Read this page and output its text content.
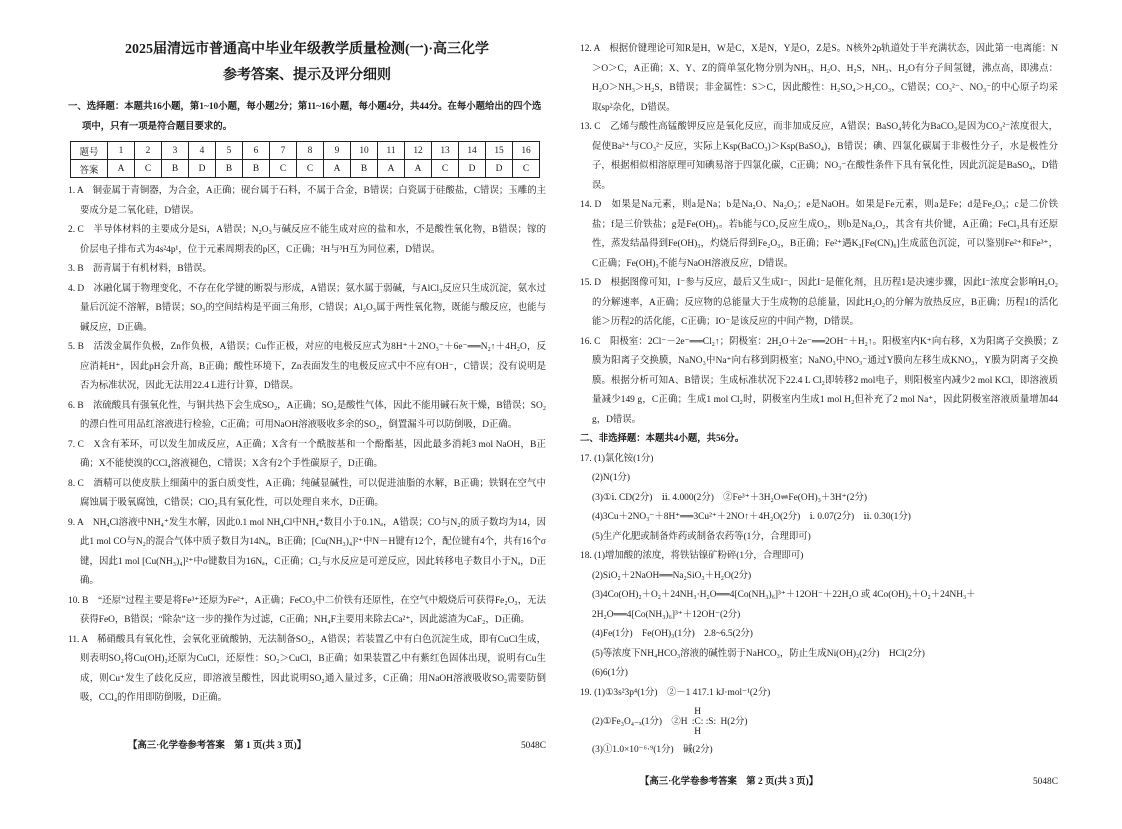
2025届清远市普通高中毕业年级教学质量检测(一)·高三化学
参考答案、提示及评分细则
一、选择题：本题共16小题，第1~10小题，每小题2分；第11~16小题，每小题4分，共44分。在每小题给出的四个选项中，只有一项是符合题目要求的。
题号	1	2	3	4	5	6	7	8	9	10	11	12	13	14	15	16
答案	A	C	B	D	B	B	C	C	A	B	A	A	C	D	D	C

1. A　铜壶属于青铜器，为合金，A正确；砚台属于石料，不属于合金，B错误；白瓷属于硅酸盐，C错误；玉雕的主要成分是二氧化硅，D错误。

2. C　半导体材料的主要成分是Si，A错误；N₂O₃与碱反应不能生成对应的盐和水，不是酸性氧化物，B错误；镓的价层电子排布式为4s²4p¹，位于元素周期表的p区，C正确；²H与³H互为同位素，D错误。

3. B　沥青属于有机材料，B错误。

4. D　冰融化属于物理变化，不存在化学键的断裂与形成，A错误；氨水属于弱碱，与AlCl₃反应只生成沉淀，氨水过量后沉淀不溶解，B错误；SO₃的空间结构是平面三角形，C错误；Al₂O₃属于两性氧化物，既能与酸反应，也能与碱反应，D正确。

5. B　活泼金属作负极，Zn作负极，A错误；Cu作正极，对应的电极反应式为8H⁺＋2NO₃⁻＋6e⁻══N₂↑＋4H₂O，反应消耗H⁺，因此pH会升高，B正确；酸性环境下，Zn表面发生的电极反应式中不应有OH⁻，C错误；没有说明是否为标准状况，因此无法用22.4 L进行计算，D错误。

6. B　浓硫酸具有强氧化性，与铜共热下会生成SO₂，A正确；SO₂是酸性气体，因此不能用碱石灰干燥，B错误；SO₂的漂白性可用品红溶液进行检验，C正确；可用NaOH溶液吸收多余的SO₂，倒置漏斗可以防倒吸，D正确。

7. C　X含有苯环，可以发生加成反应，A正确；X含有一个酰胺基和一个酚酯基，因此最多消耗3 mol NaOH，B正确；X不能使溴的CCl₄溶液褪色，C错误；X含有2个手性碳原子，D正确。

8. C　酒精可以使皮肤上细菌中的蛋白质变性，A正确；纯碱显碱性，可以促进油脂的水解，B正确；铁钢在空气中腐蚀属于吸氧腐蚀，C错误；ClO₂具有氧化性，可以处理自来水，D正确。

9. A　NH₄Cl溶液中NH₄⁺发生水解，因此0.1 mol NH₄Cl中NH₄⁺数目小于0.1Nₐ，A错误；CO与N₂的质子数均为14，因此1 mol CO与N₂的混合气体中质子数目为14Nₐ，B正确；[Cu(NH₃)₄]²⁺中N－H键有12个，配位键有4个，共有16个σ键，因此1 mol [Cu(NH₃)₄]²⁺中σ键数目为16Nₐ，C正确；Cl₂与水反应是可逆反应，因此转移电子数目小于Nₐ，D正确。

10. B　“还原”过程主要是将Fe³⁺还原为Fe²⁺，A正确；FeCO₃中二价铁有还原性，在空气中煅烧后可获得Fe₂O₃，无法获得FeO，B错误；“除杂”这一步的操作为过滤，C正确；NH₄F主要用来除去Ca²⁺，因此滤渣为CaF₂，D正确。

11. A　稀硝酸具有氧化性，会氧化亚硫酸钠，无法制备SO₂，A错误；若装置乙中有白色沉淀生成，即有CuCl生成，则表明SO₂将Cu(OH)₂还原为CuCl，还原性：SO₂＞CuCl，B正确；如果装置乙中有紫红色固体出现，说明有Cu生成，则Cu⁺发生了歧化反应，即溶液呈酸性，因此说明SO₂通入量过多，C正确；用NaOH溶液吸收SO₂需要防倒吸，CCl₄的作用即防倒吸，D正确。

【高三·化学卷参考答案　第 1 页(共 3 页)】	5048C

12. A　根据价键理论可知R是H，W是C，X是N，Y是O，Z是S。N核外2p轨道处于半充满状态，因此第一电离能：N＞O＞C，A正确；X、Y、Z的简单氢化物分别为NH₃、H₂O、H₂S，NH₃、H₂O有分子间氢键，沸点高，即沸点：H₂O＞NH₃＞H₂S，B错误；非金属性：S＞C，因此酸性：H₂SO₄＞H₂CO₃，C错误；CO₃²⁻、NO₃⁻的中心原子均采取sp²杂化，D错误。

13. C　乙烯与酸性高锰酸钾反应是氧化反应，而非加成反应，A错误；BaSO₄转化为BaCO₃是因为CO₃²⁻浓度很大，促使Ba²⁺与CO₃²⁻反应，实际上Ksp(BaCO₃)＞Ksp(BaSO₄)，B错误；碘、四氯化碳属于非极性分子，水是极性分子，根据相似相溶原理可知碘易溶于四氯化碳，C正确；NO₃⁻在酸性条件下具有氧化性，因此沉淀是BaSO₄，D错误。

14. D　如果是Na元素，则a是Na；b是Na₂O、Na₂O₂；e是NaOH。如果是Fe元素，则a是Fe；d是Fe₂O₃；c是二价铁盐；f是三价铁盐；g是Fe(OH)₃。若b能与CO₂反应生成O₂，则b是Na₂O₂，其含有共价键，A正确；FeCl₃具有还原性，蒸发结晶得到Fe(OH)₃，灼烧后得到Fe₂O₃，B正确；Fe²⁺遇K₃[Fe(CN)₆]生成蓝色沉淀，可以鉴别Fe²⁺和Fe³⁺，C正确；Fe(OH)₃不能与NaOH溶液反应，D错误。

15. D　根据图像可知，I⁻参与反应，最后又生成I⁻，因此I⁻是催化剂，且历程1是决速步骤，因此I⁻浓度会影响H₂O₂的分解速率，A正确；反应物的总能量大于生成物的总能量，因此H₂O₂的分解为放热反应，B正确；历程1的活化能＞历程2的活化能，C正确；IO⁻是该反应的中间产物，D错误。

16. C　阳极室：2Cl⁻－2e⁻══Cl₂↑；阴极室：2H₂O＋2e⁻══2OH⁻＋H₂↑。阳极室内K⁺向右移，X为阳离子交换膜；Z膜为阳离子交换膜，NaNO₃中Na⁺向右移到阴极室；NaNO₃中NO₃⁻通过Y膜向左移生成KNO₃，Y膜为阴离子交换膜。根据分析可知A、B错误；生成标准状况下22.4 L Cl₂即转移2 mol电子，则阳极室内减少2 mol KCl，即溶液质量减少149 g，C正确；生成1 mol Cl₂时，阴极室内生成1 mol H₂但补充了2 mol Na⁺，因此阴极室溶液质量增加44 g，D错误。

二、非选择题：本题共4小题，共56分。

17. (1)氯化铵(1分)

(2)N(1分)

(3)①ⅰ. CD(2分)　ⅱ. 4.000(2分)　②Fe³⁺＋3H₂O⇌Fe(OH)₃＋3H⁺(2分)

(4)3Cu＋2NO₃⁻＋8H⁺══3Cu²⁺＋2NO↑＋4H₂O(2分)　ⅰ. 0.07(2分)　ⅱ. 0.30(1分)

(5)生产化肥或制备炸药或制备农药等(1分，合理即可)

18. (1)增加酸的浓度，将铁钴镍矿粉碎(1分，合理即可)

(2)SiO₂＋2NaOH══Na₂SiO₃＋H₂O(2分)

(3)4Co(OH)₂＋O₂＋24NH₃·H₂O══4[Co(NH₃)₆]³⁺＋12OH⁻＋22H₂O 或 4Co(OH)₂＋O₂＋24NH₃＋2H₂O══4[Co(NH₃)₆]³⁺＋12OH⁻(2分)

(4)Fe(1分)　Fe(OH)₃(1分)　2.8~6.5(2分)

(5)等浓度下NH₄HCO₃溶液的碱性弱于NaHCO₃，防止生成Ni(OH)₂(2分)　HCl(2分)

(6)6(1分)

19. (1)①3s²3p⁴(1分)　②－1 417.1 kJ·mol⁻¹(2分)

(2)①Fe₃O₄₋ₓ(1分)　②H H
:C:
H
:S: H(2分)

(3)①1.0×10⁻⁶·⁹(1分)　碱(2分)

【高三·化学卷参考答案　第 2 页(共 3 页)】	5048C
